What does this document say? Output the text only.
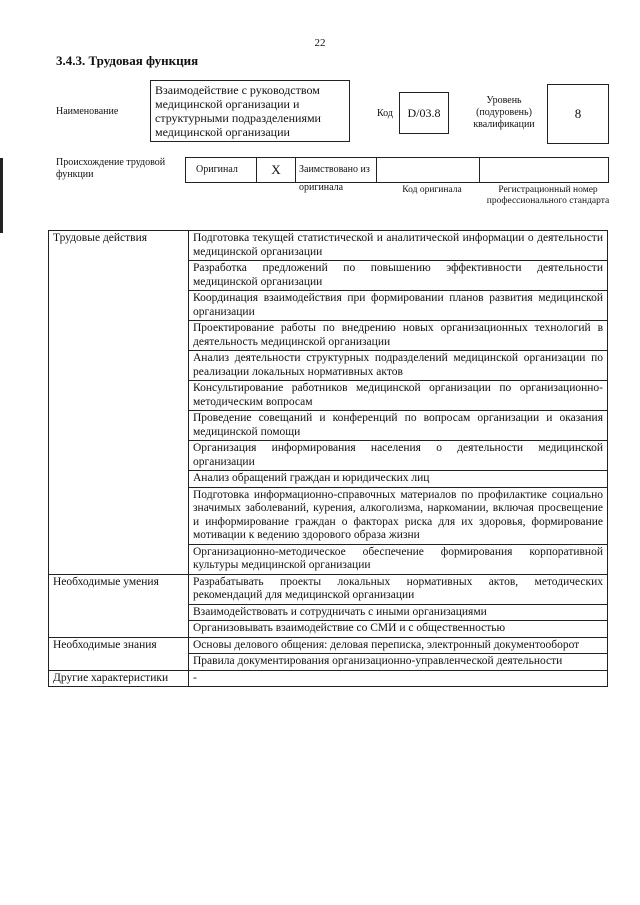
22
3.4.3. Трудовая функция
Наименование
Взаимодействие с руководством медицинской организации и структурными подразделениями медицинской организации
Код	D/03.8
Уровень (подуровень) квалификации
8
Происхождение трудовой функции	Оригинал	X	Заимствовано из оригинала	Код оригинала	Регистрационный номер профессионального стандарта
Трудовые действия	Подготовка текущей статистической и аналитической информации о деятельности медицинской организации
	Разработка предложений по повышению эффективности деятельности медицинской организации
	Координация взаимодействия при формировании планов развития медицинской организации
	Проектирование работы по внедрению новых организационных технологий в деятельность медицинской организации
	Анализ деятельности структурных подразделений медицинской организации по реализации локальных нормативных актов
	Консультирование работников медицинской организации по организационно-методическим вопросам
	Проведение совещаний и конференций по вопросам организации и оказания медицинской помощи
	Организация информирования населения о деятельности медицинской организации
	Анализ обращений граждан и юридических лиц
	Подготовка информационно-справочных материалов по профилактике социально значимых заболеваний, курения, алкоголизма, наркомании, включая просвещение и информирование граждан о факторах риска для их здоровья, формирование мотивации к ведению здорового образа жизни
	Организационно-методическое обеспечение формирования корпоративной культуры медицинской организации
Необходимые умения	Разрабатывать проекты локальных нормативных актов, методических рекомендаций для медицинской организации
	Взаимодействовать и сотрудничать с иными организациями
	Организовывать взаимодействие со СМИ и с общественностью
Необходимые знания	Основы делового общения: деловая переписка, электронный документооборот
	Правила документирования организационно-управленческой деятельности
Другие характеристики	-
